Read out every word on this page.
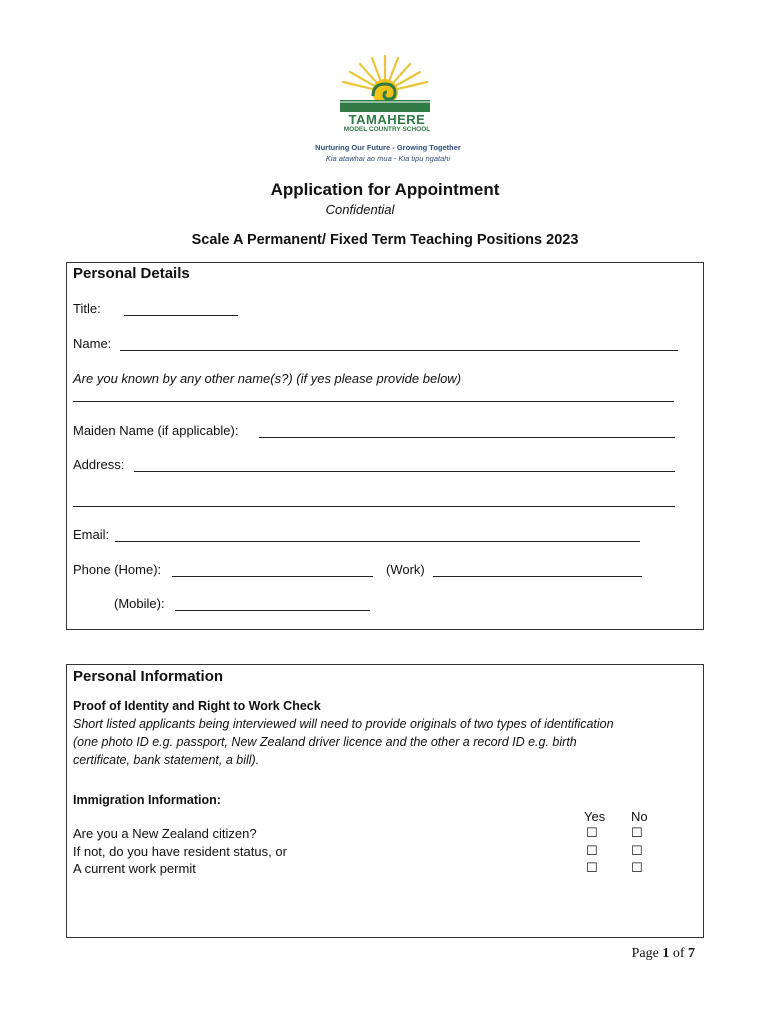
TAMAHERE
MODEL COUNTRY SCHOOL
Nurturing Our Future - Growing Together
Kia atawhai ao mua - Kia tipu ngatahi
Application for Appointment
Confidential
Scale A Permanent/ Fixed Term Teaching Positions 2023
Personal Details
Title:
Name:
Are you known by any other name(s?) (if yes please provide below)
Maiden Name (if applicable):
Address:
Email:
Phone (Home):	(Work)
(Mobile):
Personal Information
Proof of Identity and Right to Work Check
Short listed applicants being interviewed will need to provide originals of two types of identification
(one photo ID e.g. passport, New Zealand driver licence and the other a record ID e.g. birth
certificate, bank statement, a bill).
Immigration Information:
Yes No
Are you a New Zealand citizen?	☐	☐
If not, do you have resident status, or	☐	☐
A current work permit	☐	☐
Page 1 of 7
